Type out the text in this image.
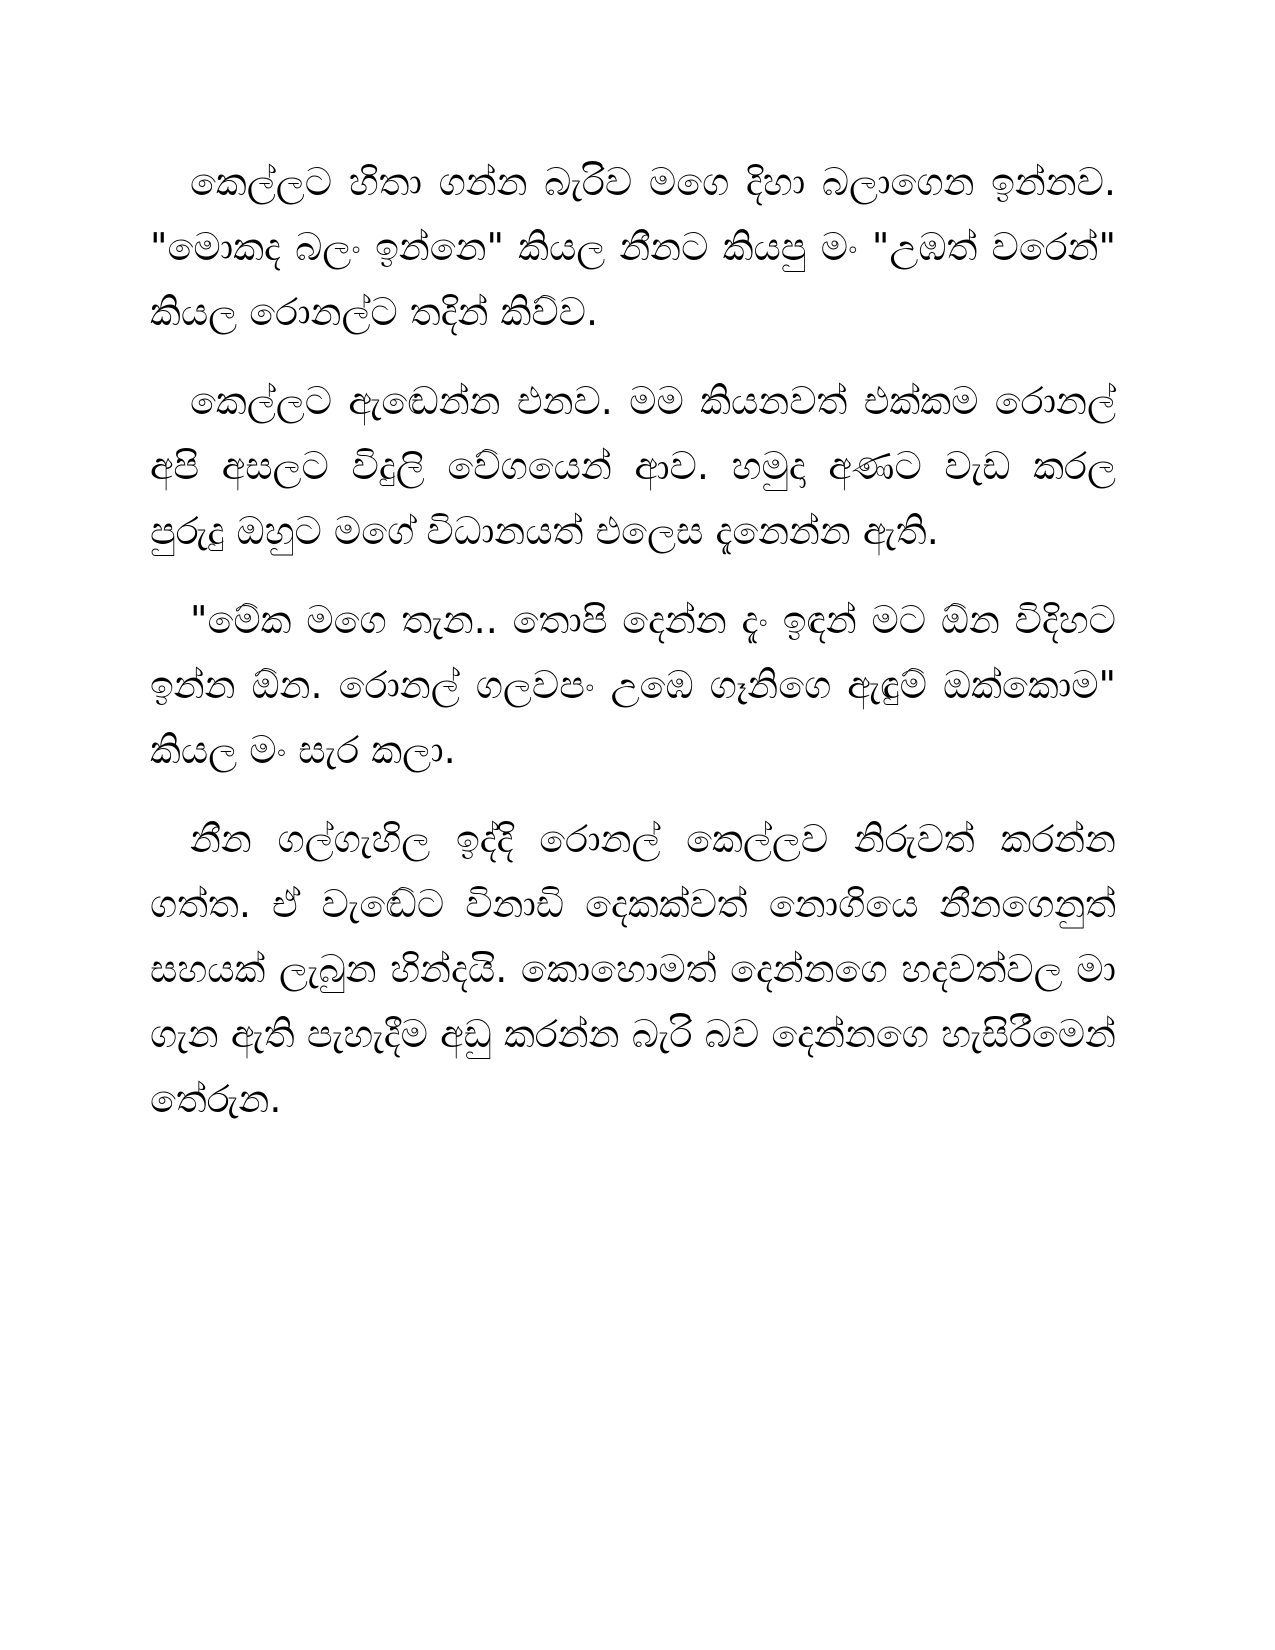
කෙල්ලට හිතා ගන්න බැරිව මගෙ දිහා බලාගෙන ඉන්නව. "මොකද බලං ඉන්නෙ" කියල නීනට කියපු මං "උඹත් වරෙන්" කියල රොනල්ට තදින් කිව්ව.

කෙල්ලට ඇඬෙන්න එනව. මම කියනවත් එක්කම රොනල් අපි අසලට විදුලි වේගයෙන් ආව. හමුදා අණට වැඩ කරල පුරුදු ඔහුට මගේ විධානයත් එලෙස දැනෙන්න ඇති.

"මේක මගෙ තැන.. තොපි දෙන්න දැං ඉඳන් මට ඕන විදිහට ඉන්න ඕන. රොනල් ගලවපං උඹෙ ගෑනිගෙ ඇඳුම් ඔක්කොම" කියල මං සැර කලා.

නීන ගල්ගැහිල ඉද්දි රොනල් කෙල්ලව නිරුවත් කරන්න ගත්ත. ඒ වැඬේට විනාඩි දෙකක්වත් නොගියෙ නීනගෙනුත් සහයක් ලැබුන හින්දයි. කොහොමත් දෙන්නගෙ හදවත්වල මා ගැන ඇති පැහැදීම අඩු කරන්න බැරි බව දෙන්නගෙ හැසිරීමෙන් තේරුන.
